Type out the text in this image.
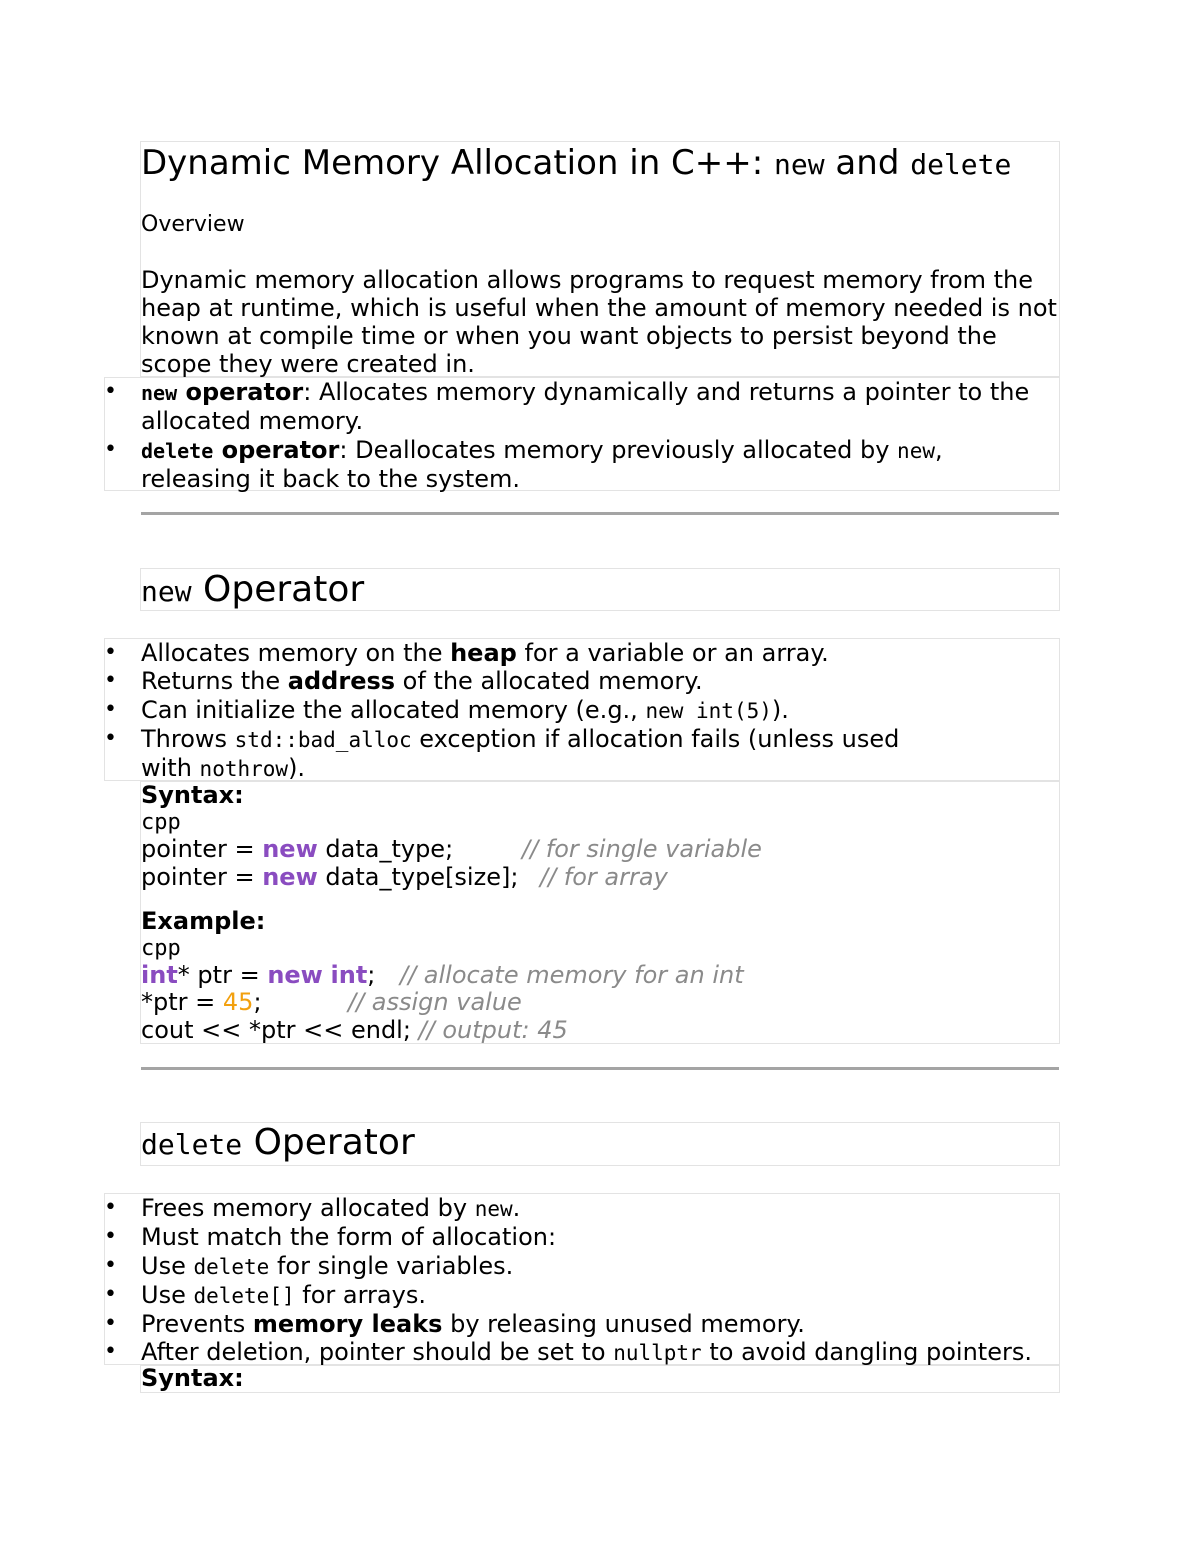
Dynamic Memory Allocation in C++: new and delete
Overview

Dynamic memory allocation allows programs to request memory from the heap at runtime, which is useful when the amount of memory needed is not known at compile time or when you want objects to persist beyond the scope they were created in.

• new operator: Allocates memory dynamically and returns a pointer to the
allocated memory.
• delete operator: Deallocates memory previously allocated by new,
releasing it back to the system.
new Operator
• Allocates memory on the heap for a variable or an array.
• Returns the address of the allocated memory.
• Can initialize the allocated memory (e.g., new int(5)).
• Throws std::bad_alloc exception if allocation fails (unless used
with nothrow).
Syntax:
cpp
pointer = new data_type;	// for single variable
pointer = new data_type[size]; // for array
Example:
cpp
int* ptr = new int; // allocate memory for an int
*ptr = 45;	// assign value
cout << *ptr << endl; // output: 45
delete Operator
• Frees memory allocated by new.
• Must match the form of allocation:
• Use delete for single variables.
• Use delete[] for arrays.
• Prevents memory leaks by releasing unused memory.
• After deletion, pointer should be set to nullptr to avoid dangling pointers.
Syntax:
